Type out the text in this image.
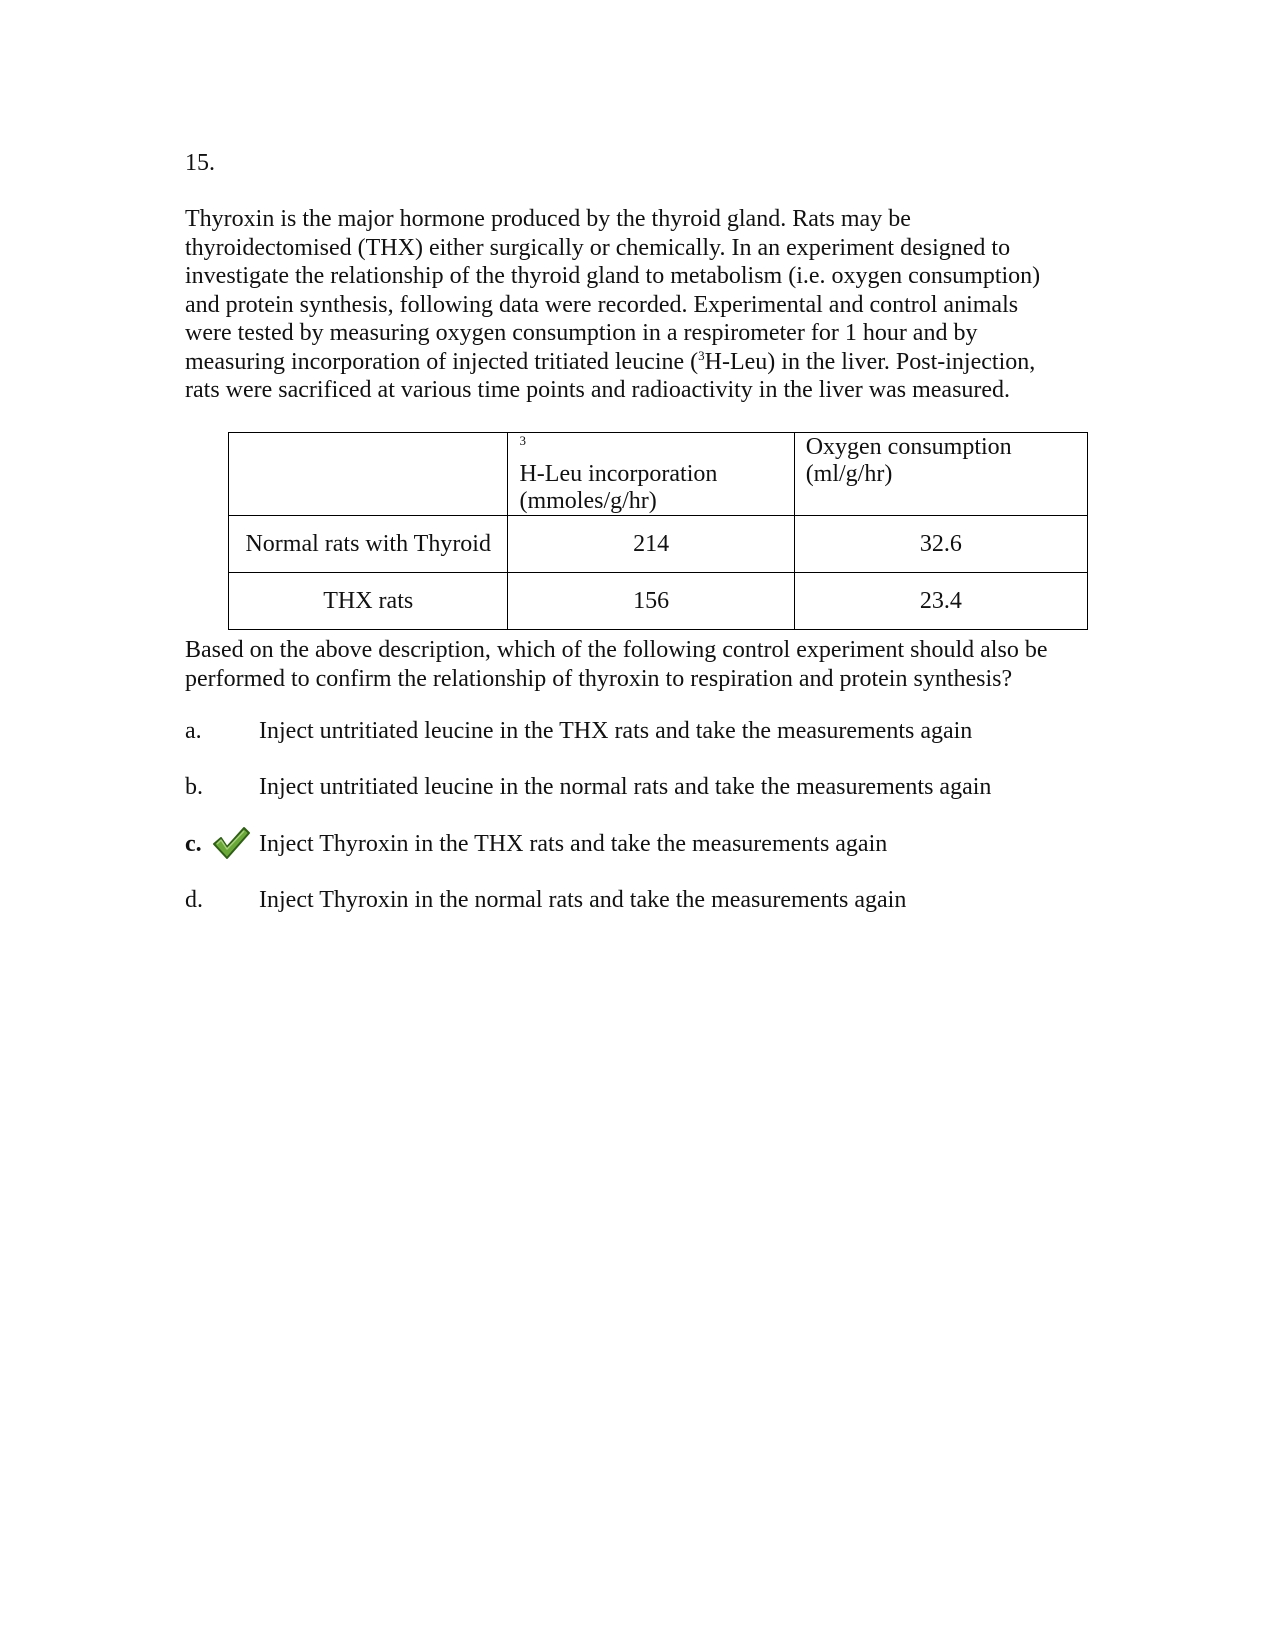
15.
Thyroxin is the major hormone produced by the thyroid gland. Rats may be
thyroidectomised (THX) either surgically or chemically. In an experiment designed to
investigate the relationship of the thyroid gland to metabolism (i.e. oxygen consumption)
and protein synthesis, following data were recorded. Experimental and control animals
were tested by measuring oxygen consumption in a respirometer for 1 hour and by
measuring incorporation of injected tritiated leucine ($^3$H-Leu) in the liver. Post-injection,
rats were sacrificed at various time points and radioactivity in the liver was measured.

	$^3$
H-Leu incorporation
(mmoles/g/hr)	Oxygen consumption
(ml/g/hr)

Normal rats with Thyroid	214	32.6
THX rats	156	23.4
Based on the above description, which of the following control experiment should also be
performed to confirm the relationship of thyroxin to respiration and protein synthesis?
a. Inject untritiated leucine in the THX rats and take the measurements again
b. Inject untritiated leucine in the normal rats and take the measurements again
c. Inject Thyroxin in the THX rats and take the measurements again
d. Inject Thyroxin in the normal rats and take the measurements again
